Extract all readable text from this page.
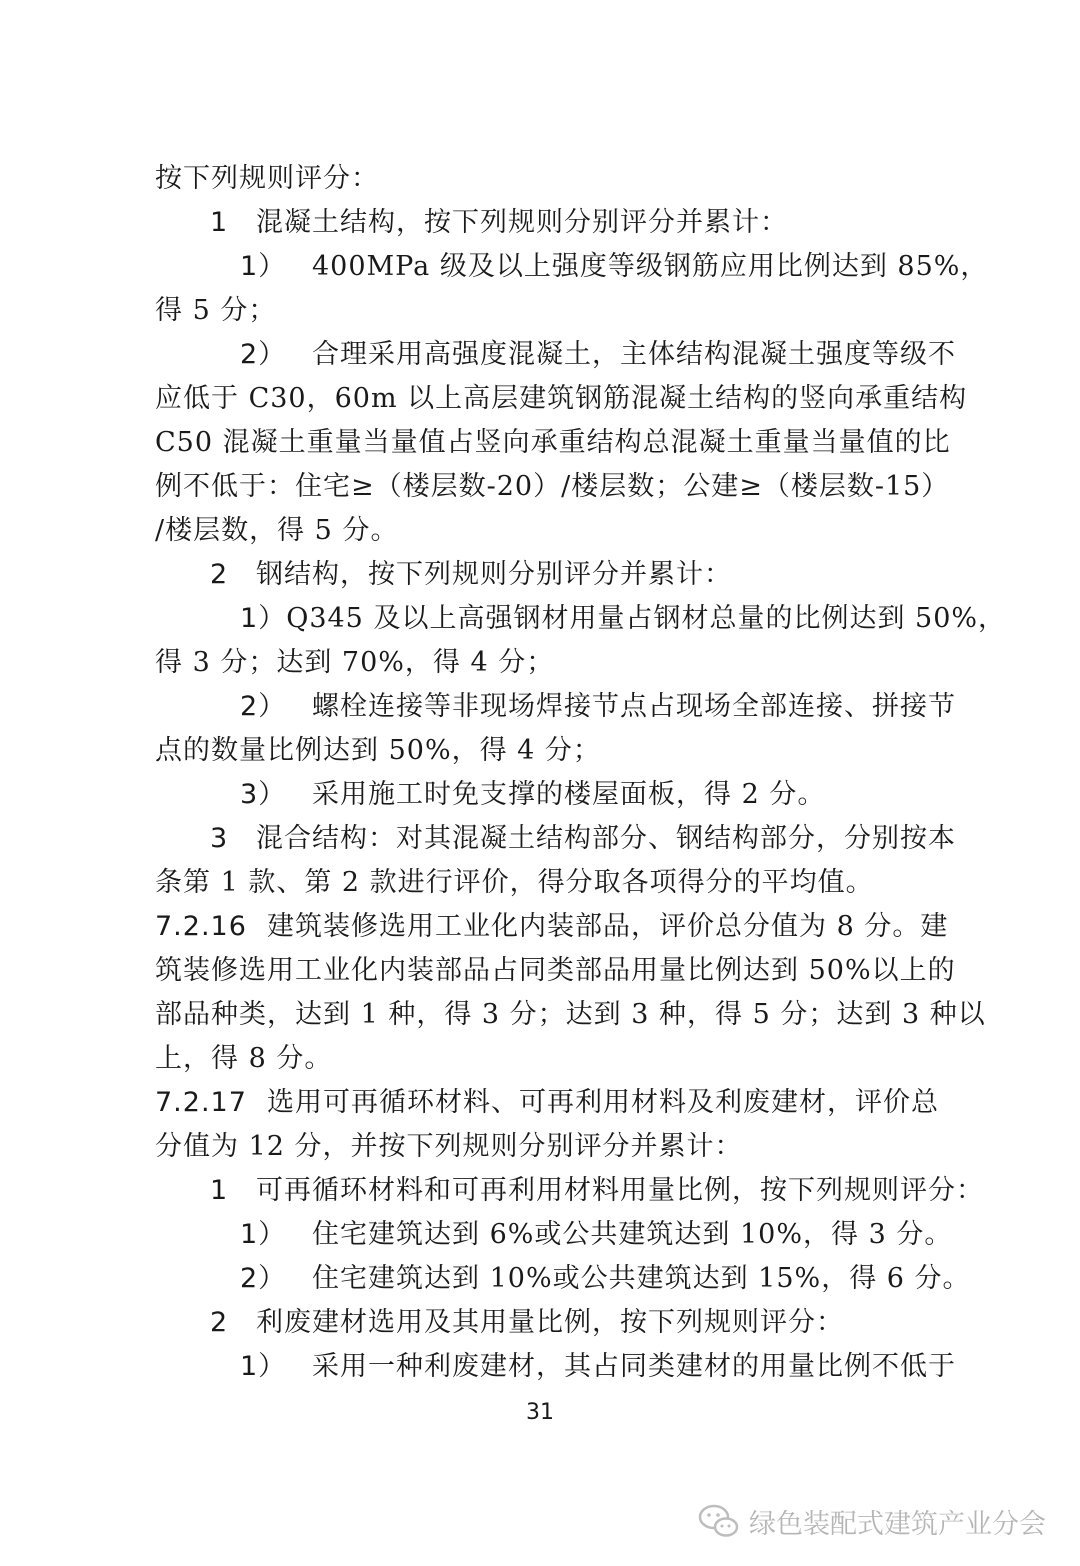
按下列规则评分：
1 混凝土结构，按下列规则分别评分并累计：
1） 400MPa 级及以上强度等级钢筋应用比例达到 85%，
得 5 分；
2） 合理采用高强度混凝土，主体结构混凝土强度等级不
应低于 C30，60m 以上高层建筑钢筋混凝土结构的竖向承重结构
C50 混凝土重量当量值占竖向承重结构总混凝土重量当量值的比
例不低于：住宅≥（楼层数-20）/楼层数；公建≥（楼层数-15）
/楼层数，得 5 分。
2 钢结构，按下列规则分别评分并累计：
1）Q345 及以上高强钢材用量占钢材总量的比例达到 50%，
得 3 分；达到 70%，得 4 分；
2） 螺栓连接等非现场焊接节点占现场全部连接、拼接节
点的数量比例达到 50%，得 4 分；
3） 采用施工时免支撑的楼屋面板，得 2 分。
3 混合结构：对其混凝土结构部分、钢结构部分，分别按本
条第 1 款、第 2 款进行评价，得分取各项得分的平均值。
7.2.16 建筑装修选用工业化内装部品，评价总分值为 8 分。建
筑装修选用工业化内装部品占同类部品用量比例达到 50%以上的
部品种类，达到 1 种，得 3 分；达到 3 种，得 5 分；达到 3 种以
上，得 8 分。
7.2.17 选用可再循环材料、可再利用材料及利废建材，评价总
分值为 12 分，并按下列规则分别评分并累计：
1 可再循环材料和可再利用材料用量比例，按下列规则评分：
1） 住宅建筑达到 6%或公共建筑达到 10%，得 3 分。
2） 住宅建筑达到 10%或公共建筑达到 15%，得 6 分。
2 利废建材选用及其用量比例，按下列规则评分：
1） 采用一种利废建材，其占同类建材的用量比例不低于
31
绿色装配式建筑产业分会
